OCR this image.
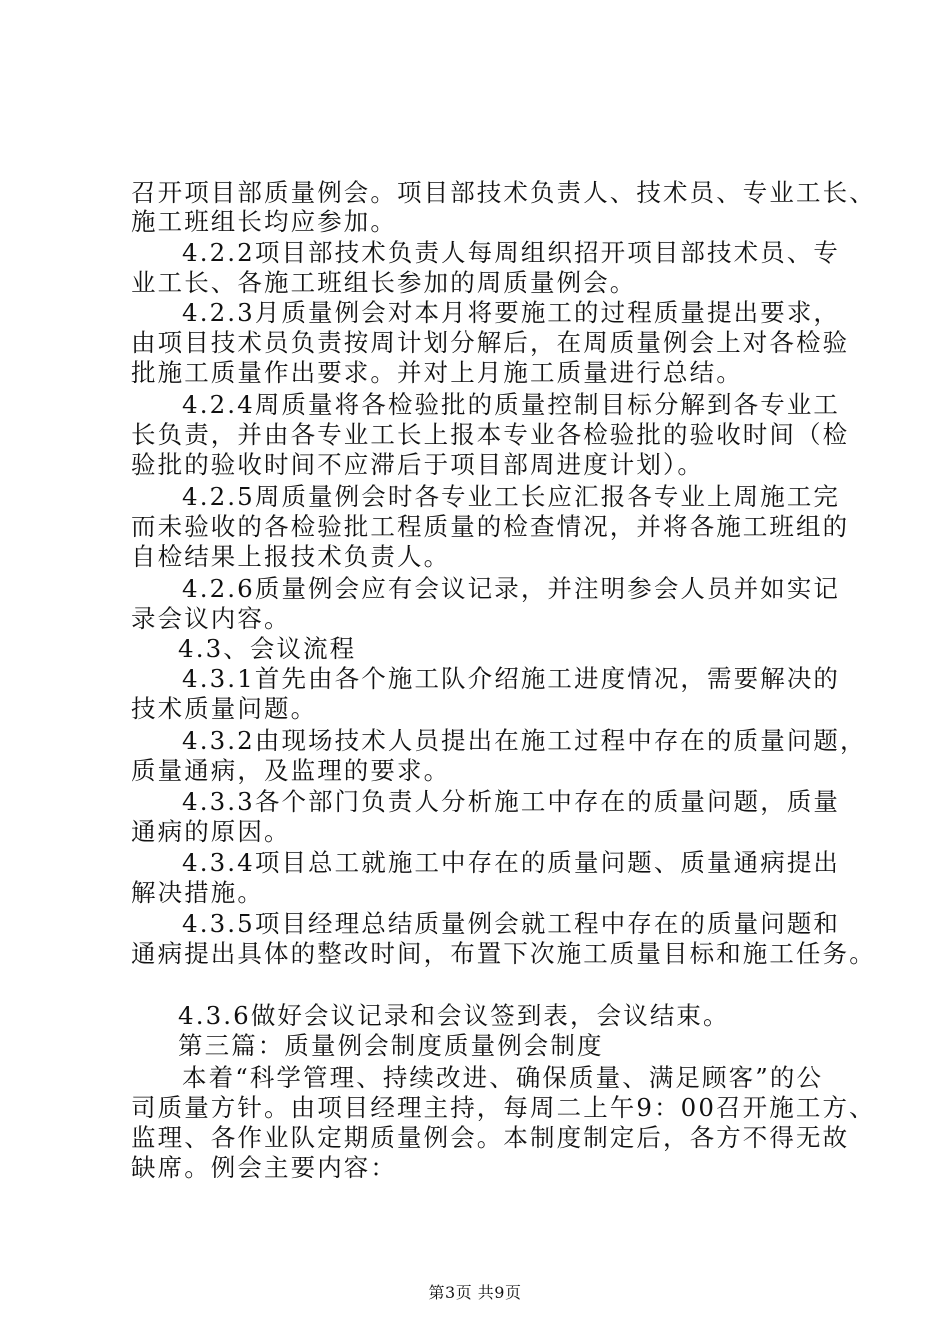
召开项目部质量例会。项目部技术负责人、技术员、专业工长、
施工班组长均应参加。
4.2.2项目部技术负责人每周组织招开项目部技术员、专
业工长、各施工班组长参加的周质量例会。
4.2.3月质量例会对本月将要施工的过程质量提出要求，
由项目技术员负责按周计划分解后，在周质量例会上对各检验
批施工质量作出要求。并对上月施工质量进行总结。
4.2.4周质量将各检验批的质量控制目标分解到各专业工
长负责，并由各专业工长上报本专业各检验批的验收时间（检
验批的验收时间不应滞后于项目部周进度计划）。
4.2.5周质量例会时各专业工长应汇报各专业上周施工完
而未验收的各检验批工程质量的检查情况，并将各施工班组的
自检结果上报技术负责人。
4.2.6质量例会应有会议记录，并注明参会人员并如实记
录会议内容。
4.3、会议流程
4.3.1首先由各个施工队介绍施工进度情况，需要解决的
技术质量问题。
4.3.2由现场技术人员提出在施工过程中存在的质量问题，
质量通病，及监理的要求。
4.3.3各个部门负责人分析施工中存在的质量问题，质量
通病的原因。
4.3.4项目总工就施工中存在的质量问题、质量通病提出
解决措施。
4.3.5项目经理总结质量例会就工程中存在的质量问题和
通病提出具体的整改时间，布置下次施工质量目标和施工任务。
4.3.6做好会议记录和会议签到表，会议结束。
第三篇：质量例会制度质量例会制度
本着“科学管理、持续改进、确保质量、满足顾客”的公
司质量方针。由项目经理主持，每周二上午9：00召开施工方、
监理、各作业队定期质量例会。本制度制定后，各方不得无故
缺席。例会主要内容：
第3页 共9页
